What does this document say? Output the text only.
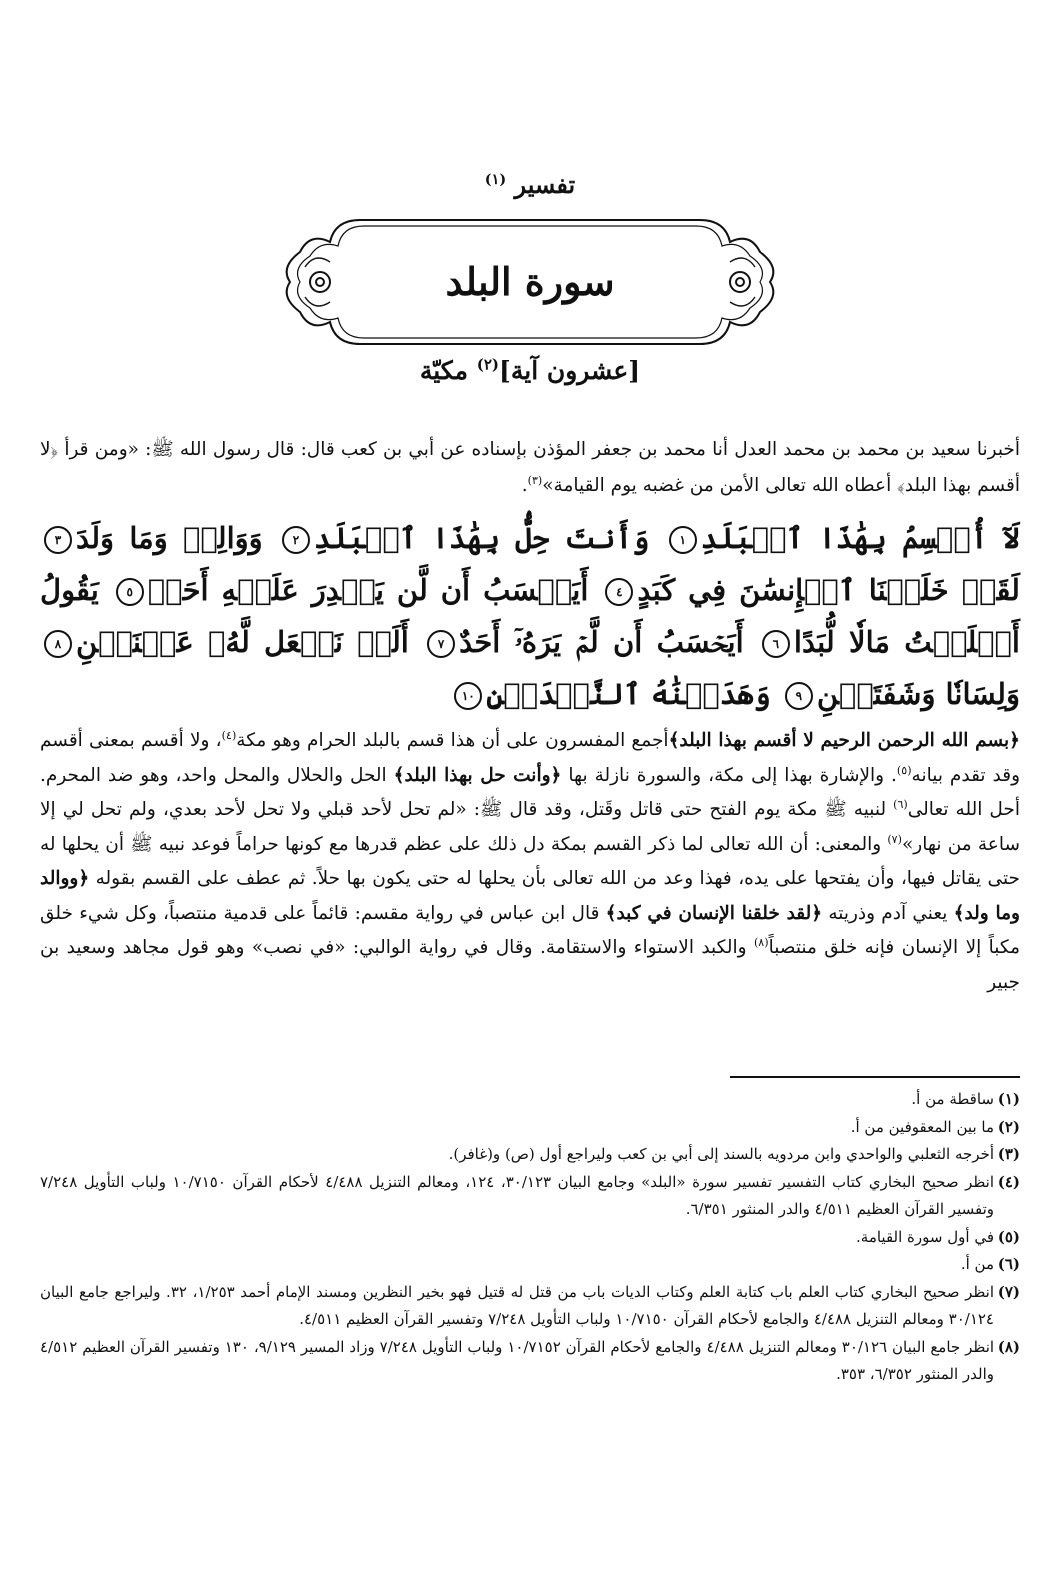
تفسير $^{(١)}$
سورة البلد
[عشرون آية]$^{(٢)}$ مكيّة
أخبرنا سعيد بن محمد بن محمد العدل أنا محمد بن جعفر المؤذن بإسناده عن أبي بن كعب قال: قال رسول الله ﷺ: «ومن قرأ ﴿لا أقسم بهذا البلد﴾ أعطاه الله تعالى الأمن من غضبه يوم القيامة»$^{(٣)}$.
لَآ أُقۡسِمُ بِهَٰذَا ٱلۡبَلَدِ١ وَأَنتَ حِلُّۢ بِهَٰذَا ٱلۡبَلَدِ٢ وَوَالِدٖ وَمَا وَلَدَ٣ لَقَدۡ خَلَقۡنَا ٱلۡإِنسَٰنَ فِي كَبَدٍ٤ أَيَحۡسَبُ أَن لَّن يَقۡدِرَ عَلَيۡهِ أَحَدٞ٥ يَقُولُ أَهۡلَكۡتُ مَالٗا لُّبَدًا٦ أَيَحۡسَبُ أَن لَّمۡ يَرَهُۥٓ أَحَدٌ٧ أَلَمۡ نَجۡعَل لَّهُۥ عَيۡنَيۡنِ٨ وَلِسَانٗا وَشَفَتَيۡنِ٩ وَهَدَيۡنَٰهُ ٱلنَّجۡدَيۡنِ١٠
﴿بسم الله الرحمن الرحيم لا أقسم بهذا البلد﴾أجمع المفسرون على أن هذا قسم بالبلد الحرام وهو مكة$^{(٤)}$، ولا أقسم بمعنى أقسم وقد تقدم بيانه$^{(٥)}$. والإشارة بهذا إلى مكة، والسورة نازلة بها ﴿وأنت حل بهذا البلد﴾ الحل والحلال والمحل واحد، وهو ضد المحرم. أحل الله تعالى$^{(٦)}$ لنبيه ﷺ مكة يوم الفتح حتى قاتل وقَتل، وقد قال ﷺ: «لم تحل لأحد قبلي ولا تحل لأحد بعدي، ولم تحل لي إلا ساعة من نهار»$^{(٧)}$ والمعنى: أن الله تعالى لما ذكر القسم بمكة دل ذلك على عظم قدرها مع كونها حراماً فوعد نبيه ﷺ أن يحلها له حتى يقاتل فيها، وأن يفتحها على يده، فهذا وعد من الله تعالى بأن يحلها له حتى يكون بها حلاً. ثم عطف على القسم بقوله ﴿ووالد وما ولد﴾ يعني آدم وذريته ﴿لقد خلقنا الإنسان في كبد﴾ قال ابن عباس في رواية مقسم: قائماً على قدمية منتصباً، وكل شيء خلق مكباً إلا الإنسان فإنه خلق منتصباً$^{(٨)}$ والكبد الاستواء والاستقامة. وقال في رواية الوالبي: «في نصب» وهو قول مجاهد وسعيد بن جبير
(١)
ساقطة من أ.
(٢)
ما بين المعقوفين من أ.
(٣)
أخرجه الثعلبي والواحدي وابن مردويه بالسند إلى أبي بن كعب وليراجع أول (ص) و(غافر).
(٤)
انظر صحيح البخاري كتاب التفسير تفسير سورة «البلد» وجامع البيان ٣٠/١٢٣، ١٢٤، ومعالم التنزيل ٤/٤٨٨ لأحكام القرآن ١٠/٧١٥٠ ولباب التأويل ٧/٢٤٨ وتفسير القرآن العظيم ٤/٥١١ والدر المنثور ٦/٣٥١.
(٥)
في أول سورة القيامة.
(٦)
من أ.
(٧)
انظر صحيح البخاري كتاب العلم باب كتابة العلم وكتاب الديات باب من قتل له قتيل فهو بخير النظرين ومسند الإمام أحمد ١/٢٥٣، ٣٢. وليراجع جامع البيان ٣٠/١٢٤ ومعالم التنزيل ٤/٤٨٨ والجامع لأحكام القرآن ١٠/٧١٥٠ ولباب التأويل ٧/٢٤٨ وتفسير القرآن العظيم ٤/٥١١.
(٨)
انظر جامع البيان ٣٠/١٢٦ ومعالم التنزيل ٤/٤٨٨ والجامع لأحكام القرآن ١٠/٧١٥٢ ولباب التأويل ٧/٢٤٨ وزاد المسير ٩/١٢٩، ١٣٠ وتفسير القرآن العظيم ٤/٥١٢ والدر المنثور ٦/٣٥٢، ٣٥٣.
